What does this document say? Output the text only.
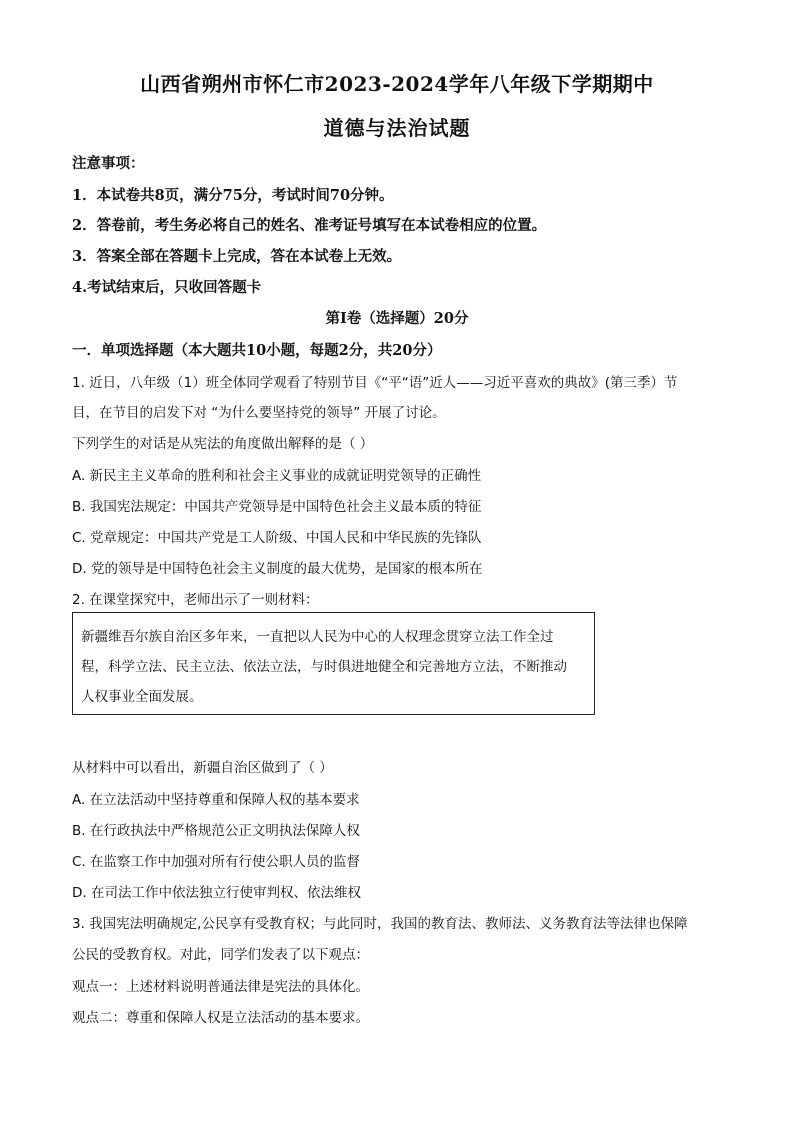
山西省朔州市怀仁市2023-2024学年八年级下学期期中
道德与法治试题
注意事项：
1．本试卷共8页，满分75分，考试时间70分钟。
2．答卷前，考生务必将自己的姓名、准考证号填写在本试卷相应的位置。
3．答案全部在答题卡上完成，答在本试卷上无效。
4.考试结束后，只收回答题卡
第Ⅰ卷（选择题）20分
一．单项选择题（本大题共10小题，每题2分，共20分）
1. 近日，八年级（1）班全体同学观看了特别节目《“平“语”近人——习近平喜欢的典故》(第三季）节
目，在节目的启发下对 “为什么要坚持党的领导” 开展了讨论。
下列学生的对话是从宪法的角度做出解释的是（ ）
A. 新民主主义革命的胜利和社会主义事业的成就证明党领导的正确性
B. 我国宪法规定：中国共产党领导是中国特色社会主义最本质的特征
C. 党章规定：中国共产党是工人阶级、中国人民和中华民族的先锋队
D. 党的领导是中国特色社会主义制度的最大优势，是国家的根本所在
2. 在课堂探究中，老师出示了一则材料：
新疆维吾尔族自治区多年来，一直把以人民为中心的人权理念贯穿立法工作全过
程，科学立法、民主立法、依法立法，与时俱进地健全和完善地方立法，不断推动
人权事业全面发展。
从材料中可以看出，新疆自治区做到了（ ）
A. 在立法活动中坚持尊重和保障人权的基本要求
B. 在行政执法中严格规范公正文明执法保障人权
C. 在监察工作中加强对所有行使公职人员的监督
D. 在司法工作中依法独立行使审判权、依法维权
3. 我国宪法明确规定,公民享有受教育权；与此同时，我国的教育法、教师法、义务教育法等法律也保障
公民的受教育权。对此，同学们发表了以下观点：
观点一：上述材料说明普通法律是宪法的具体化。
观点二：尊重和保障人权是立法活动的基本要求。
